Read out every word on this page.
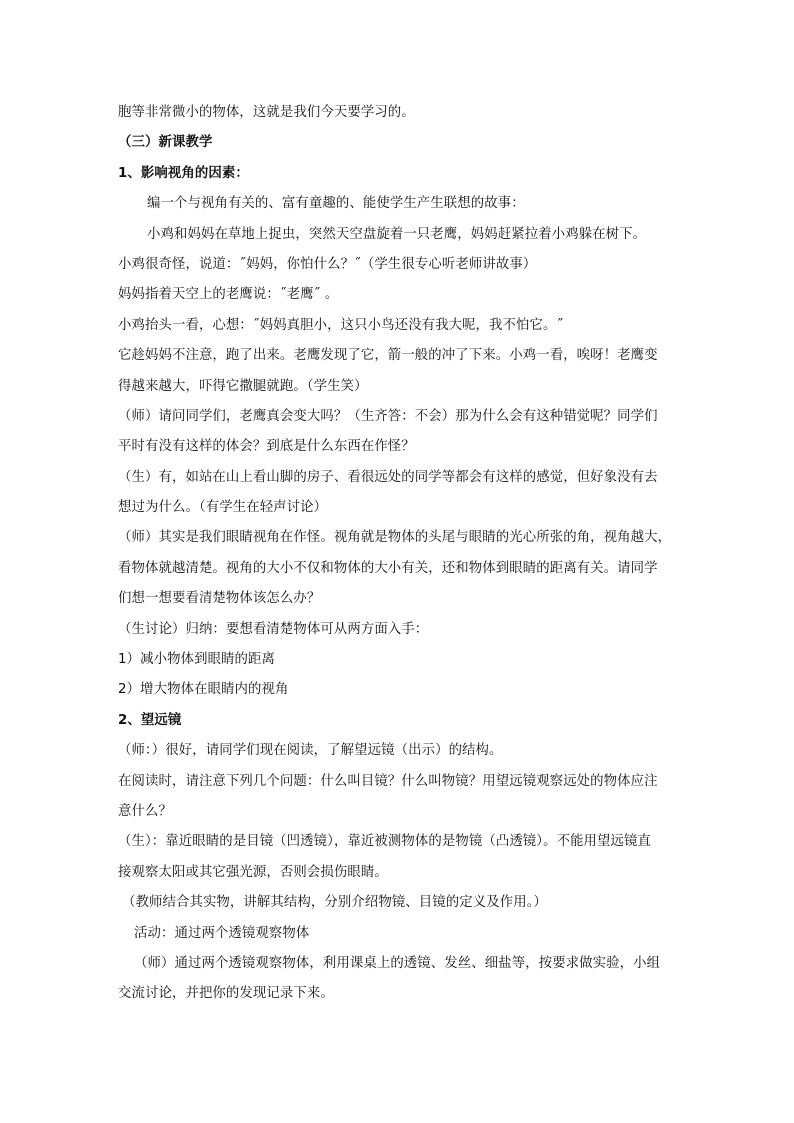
胞等非常微小的物体，这就是我们今天要学习的。
（三）新课教学
1、影响视角的因素：
编一个与视角有关的、富有童趣的、能使学生产生联想的故事：
小鸡和妈妈在草地上捉虫，突然天空盘旋着一只老鹰，妈妈赶紧拉着小鸡躲在树下。
小鸡很奇怪，说道：˝妈妈，你怕什么？˝（学生很专心听老师讲故事）
妈妈指着天空上的老鹰说：˝老鹰˝ 。
小鸡抬头一看，心想：˝妈妈真胆小，这只小鸟还没有我大呢，我不怕它。˝
它趁妈妈不注意，跑了出来。老鹰发现了它，箭一般的冲了下来。小鸡一看，唉呀！老鹰变
得越来越大，吓得它撒腿就跑。（学生笑）
（师）请问同学们，老鹰真会变大吗？（生齐答：不会）那为什么会有这种错觉呢？同学们
平时有没有这样的体会？到底是什么东西在作怪？
（生）有，如站在山上看山脚的房子、看很远处的同学等都会有这样的感觉，但好象没有去
想过为什么。（有学生在轻声讨论）
（师）其实是我们眼睛视角在作怪。视角就是物体的头尾与眼睛的光心所张的角，视角越大，
看物体就越清楚。视角的大小不仅和物体的大小有关，还和物体到眼睛的距离有关。请同学
们想一想要看清楚物体该怎么办？
（生讨论）归纳：要想看清楚物体可从两方面入手：
1）减小物体到眼睛的距离
2）增大物体在眼睛内的视角
2、望远镜
（师：）很好，请同学们现在阅读，了解望远镜（出示）的结构。
在阅读时，请注意下列几个问题：什么叫目镜？什么叫物镜？用望远镜观察远处的物体应注
意什么？
（生）：靠近眼睛的是目镜（凹透镜），靠近被测物体的是物镜（凸透镜）。不能用望远镜直
接观察太阳或其它强光源，否则会损伤眼睛。
（教师结合其实物，讲解其结构，分别介绍物镜、目镜的定义及作用。）
活动：通过两个透镜观察物体
（师）通过两个透镜观察物体，利用课桌上的透镜、发丝、细盐等，按要求做实验，小组
交流讨论，并把你的发现记录下来。
